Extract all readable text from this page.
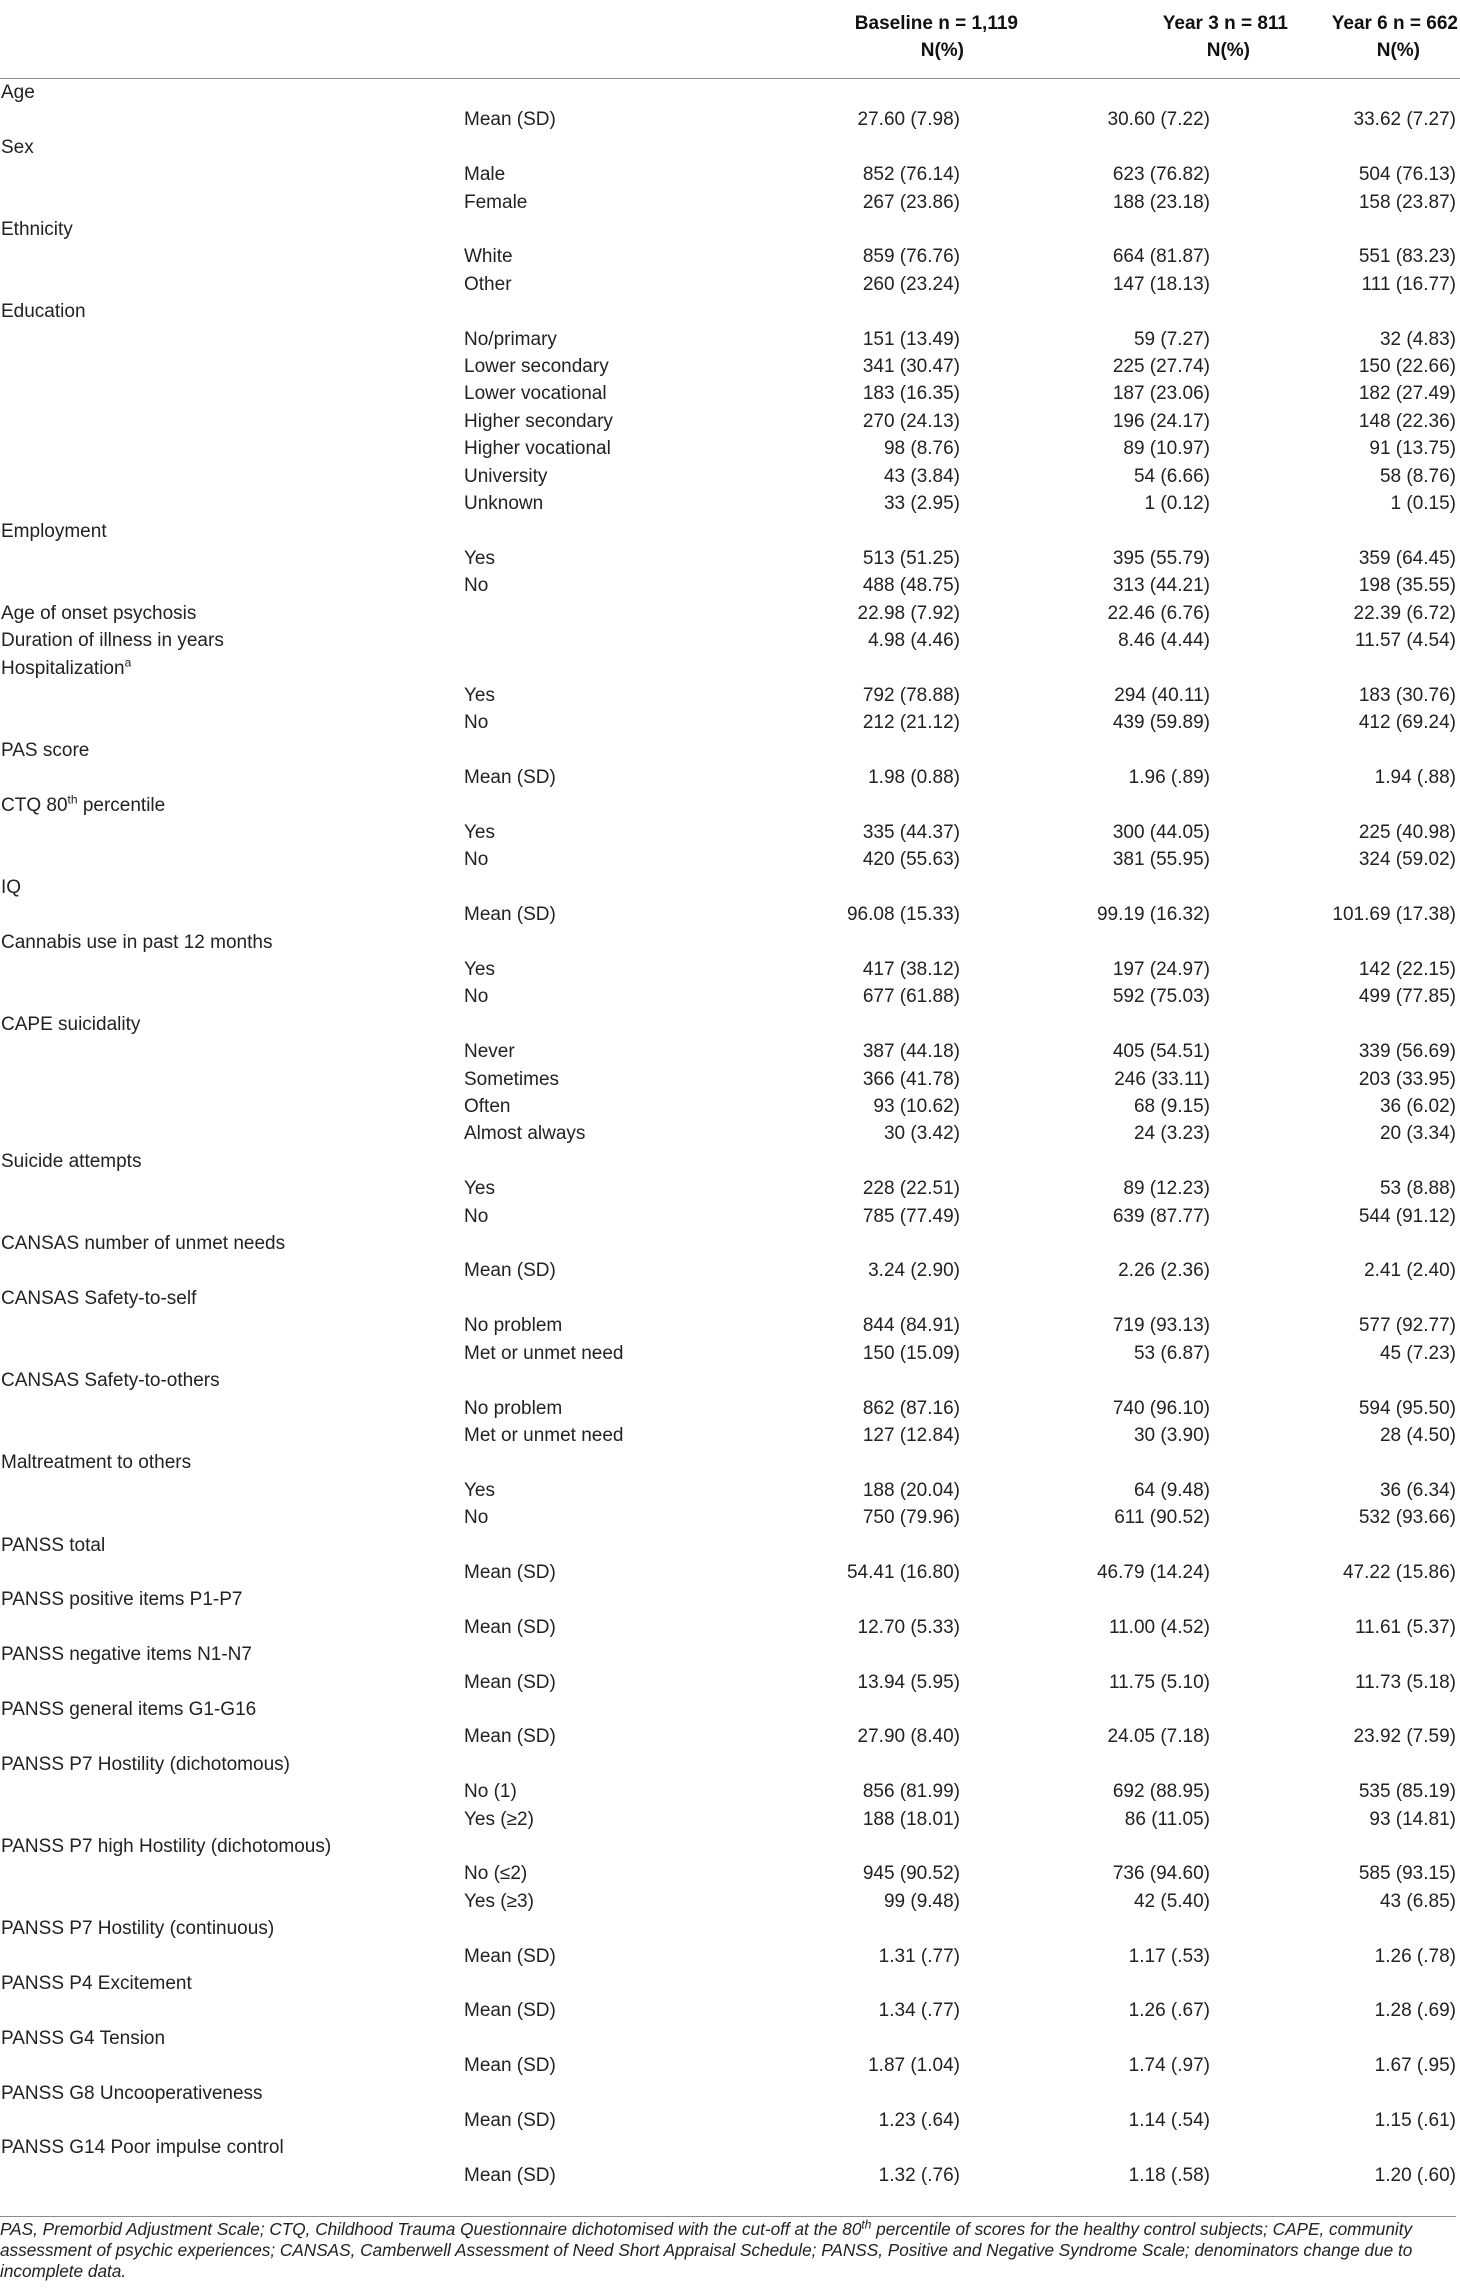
		Baseline n = 1,119	Year 3 n = 811	Year 6 n = 662
		N(%)	N(%)	N(%)
Age				
	Mean (SD)	27.60 (7.98)	30.60 (7.22)	33.62 (7.27)
Sex				
	Male	852 (76.14)	623 (76.82)	504 (76.13)
	Female	267 (23.86)	188 (23.18)	158 (23.87)
Ethnicity				
	White	859 (76.76)	664 (81.87)	551 (83.23)
	Other	260 (23.24)	147 (18.13)	111 (16.77)
Education				
	No/primary	151 (13.49)	59 (7.27)	32 (4.83)
	Lower secondary	341 (30.47)	225 (27.74)	150 (22.66)
	Lower vocational	183 (16.35)	187 (23.06)	182 (27.49)
	Higher secondary	270 (24.13)	196 (24.17)	148 (22.36)
	Higher vocational	98 (8.76)	89 (10.97)	91 (13.75)
	University	43 (3.84)	54 (6.66)	58 (8.76)
	Unknown	33 (2.95)	1 (0.12)	1 (0.15)
Employment				
	Yes	513 (51.25)	395 (55.79)	359 (64.45)
	No	488 (48.75)	313 (44.21)	198 (35.55)
Age of onset psychosis		22.98 (7.92)	22.46 (6.76)	22.39 (6.72)
Duration of illness in years		4.98 (4.46)	8.46 (4.44)	11.57 (4.54)
Hospitalization$^a$				
	Yes	792 (78.88)	294 (40.11)	183 (30.76)
	No	212 (21.12)	439 (59.89)	412 (69.24)
PAS score				
	Mean (SD)	1.98 (0.88)	1.96 (.89)	1.94 (.88)
CTQ 80th percentile				
	Yes	335 (44.37)	300 (44.05)	225 (40.98)
	No	420 (55.63)	381 (55.95)	324 (59.02)
IQ				
	Mean (SD)	96.08 (15.33)	99.19 (16.32)	101.69 (17.38)
Cannabis use in past 12 months				
	Yes	417 (38.12)	197 (24.97)	142 (22.15)
	No	677 (61.88)	592 (75.03)	499 (77.85)
CAPE suicidality				
	Never	387 (44.18)	405 (54.51)	339 (56.69)
	Sometimes	366 (41.78)	246 (33.11)	203 (33.95)
	Often	93 (10.62)	68 (9.15)	36 (6.02)
	Almost always	30 (3.42)	24 (3.23)	20 (3.34)
Suicide attempts				
	Yes	228 (22.51)	89 (12.23)	53 (8.88)
	No	785 (77.49)	639 (87.77)	544 (91.12)
CANSAS number of unmet needs				
	Mean (SD)	3.24 (2.90)	2.26 (2.36)	2.41 (2.40)
CANSAS Safety-to-self				
	No problem	844 (84.91)	719 (93.13)	577 (92.77)
	Met or unmet need	150 (15.09)	53 (6.87)	45 (7.23)
CANSAS Safety-to-others				
	No problem	862 (87.16)	740 (96.10)	594 (95.50)
	Met or unmet need	127 (12.84)	30 (3.90)	28 (4.50)
Maltreatment to others				
	Yes	188 (20.04)	64 (9.48)	36 (6.34)
	No	750 (79.96)	611 (90.52)	532 (93.66)
PANSS total				
	Mean (SD)	54.41 (16.80)	46.79 (14.24)	47.22 (15.86)
PANSS positive items P1-P7				
	Mean (SD)	12.70 (5.33)	11.00 (4.52)	11.61 (5.37)
PANSS negative items N1-N7				
	Mean (SD)	13.94 (5.95)	11.75 (5.10)	11.73 (5.18)
PANSS general items G1-G16				
	Mean (SD)	27.90 (8.40)	24.05 (7.18)	23.92 (7.59)
PANSS P7 Hostility (dichotomous)				
	No (1)	856 (81.99)	692 (88.95)	535 (85.19)
	Yes (≥2)	188 (18.01)	86 (11.05)	93 (14.81)
PANSS P7 high Hostility (dichotomous)				
	No (≤2)	945 (90.52)	736 (94.60)	585 (93.15)
	Yes (≥3)	99 (9.48)	42 (5.40)	43 (6.85)
PANSS P7 Hostility (continuous)				
	Mean (SD)	1.31 (.77)	1.17 (.53)	1.26 (.78)
PANSS P4 Excitement				
	Mean (SD)	1.34 (.77)	1.26 (.67)	1.28 (.69)
PANSS G4 Tension				
	Mean (SD)	1.87 (1.04)	1.74 (.97)	1.67 (.95)
PANSS G8 Uncooperativeness				
	Mean (SD)	1.23 (.64)	1.14 (.54)	1.15 (.61)
PANSS G14 Poor impulse control				
	Mean (SD)	1.32 (.76)	1.18 (.58)	1.20 (.60)
PAS, Premorbid Adjustment Scale; CTQ, Childhood Trauma Questionnaire dichotomised with the cut-off at the 80th percentile of scores for the healthy control subjects; CAPE, community assessment of psychic experiences; CANSAS, Camberwell Assessment of Need Short Appraisal Schedule; PANSS, Positive and Negative Syndrome Scale; denominators change due to incomplete data.
